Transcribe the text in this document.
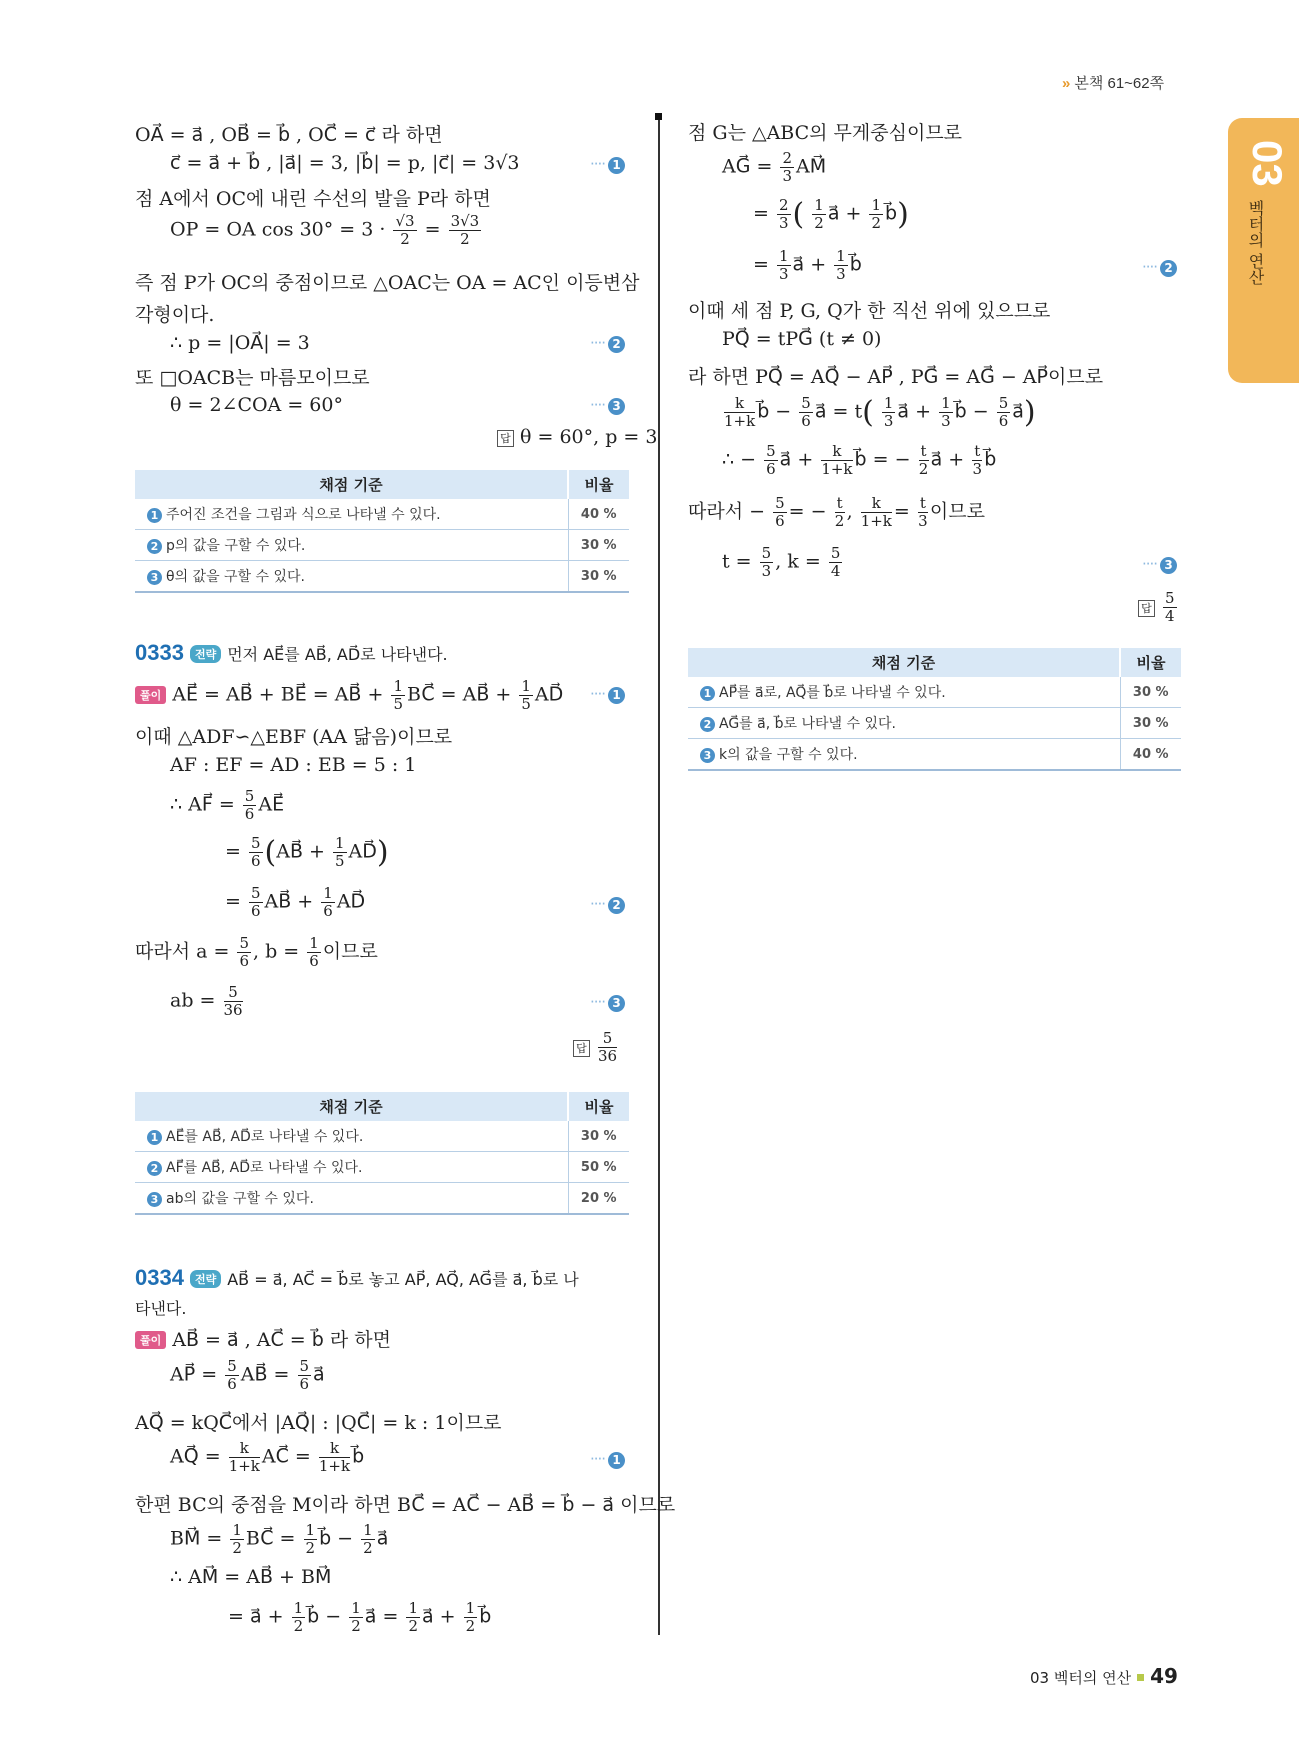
» 본책 61~62쪽
03
벡터의 연산
OA⃗ = a⃗ , OB⃗ = b⃗ , OC⃗ = c⃗ 라 하면
c⃗ = a⃗ + b⃗ , |a⃗| = 3, |b⃗| = p, |c⃗| = 3√3	···· 1
점 A에서 OC에 내린 수선의 발을 P라 하면
OP = OA $\cos 30^\circ = 3 \cdot \frac{√3}{2} = \frac{3√3}{2}$
즉 점 P가 OC의 중점이므로 △OAC는 OA = AC인 이등변삼
각형이다.
∴ p = |OA⃗| = 3	···· 2
또 □OACB는 마름모이므로
θ = 2∠COA = 60°	···· 3
답 θ = 60°, p = 3
채점 기준	비율
1 주어진 조건을 그림과 식으로 나타낼 수 있다.	40 %
2 p의 값을 구할 수 있다.	30 %
3 θ의 값을 구할 수 있다.	30 %
0333 전략 먼저 AE⃗를 AB⃗, AD⃗로 나타낸다.
풀이 AE⃗ = AB⃗ + BE⃗ = AB⃗ + $\frac{1}{5}$ BC⃗ = AB⃗ + $\frac{1}{5}$ AD⃗ ···· 1
이때 △ADF∽△EBF (AA 닮음)이므로
AF : EF = AD : EB = 5 : 1
∴ AF⃗ = $\frac{5}{6}$ AE⃗
= $\frac{5}{6}$ (AB⃗ + $\frac{1}{5}$ AD⃗)
= $\frac{5}{6}$ AB⃗ + $\frac{1}{6}$ AD⃗	···· 2
따라서 $a = \frac{5}{6}$ , $b = \frac{1}{6}$ 이므로
ab = $\frac{5}{36}$	···· 3
답 $\frac{5}{36}$
채점 기준	비율
1 AE⃗를 AB⃗, AD⃗로 나타낼 수 있다.	30 %
2 AF⃗를 AB⃗, AD⃗로 나타낼 수 있다.	50 %
3 ab의 값을 구할 수 있다.	20 %
0334 전략 AB⃗ = a⃗, AC⃗ = b⃗로 놓고 AP⃗, AQ⃗, AG⃗를 a⃗, b⃗로 나
타낸다.
풀이 AB⃗ = a⃗ , AC⃗ = b⃗ 라 하면
AP⃗ = $\frac{5}{6}$ AB⃗ = $\frac{5}{6}$ a⃗
AQ⃗ = kQC⃗에서 |AQ⃗| : |QC⃗| = k : 1이므로
AQ⃗ = $\frac{k}{1+k}$ AC⃗ = $\frac{k}{1+k}$ b⃗	···· 1
한편 BC의 중점을 M이라 하면 BC⃗ = AC⃗ − AB⃗ = b⃗ − a⃗ 이므로
BM⃗ = $\frac{1}{2}$ BC⃗ = $\frac{1}{2}$ b⃗ − $\frac{1}{2}$ a⃗
∴ AM⃗ = AB⃗ + BM⃗
= a⃗ + $\frac{1}{2}$ b⃗ − $\frac{1}{2}$ a⃗ = $\frac{1}{2}$ a⃗ + $\frac{1}{2}$ b⃗
점 G는 △ABC의 무게중심이므로
AG⃗ = $\frac{2}{3}$ AM⃗
= $\frac{2}{3}$ ( $\frac{1}{2}$ a⃗ + $\frac{1}{2}$ b⃗)
= $\frac{1}{3}$ a⃗ + $\frac{1}{3}$ b⃗	···· 2
이때 세 점 P, G, Q가 한 직선 위에 있으므로
PQ⃗ = tPG⃗ (t ≠ 0)
라 하면 PQ⃗ = AQ⃗ − AP⃗ , PG⃗ = AG⃗ − AP⃗이므로
$\frac{k}{1+k}$ b⃗ − $\frac{5}{6}$ a⃗ = $t( \frac{1}{3}$ a⃗ + $\frac{1}{3}$ b⃗ − $\frac{5}{6}$ a⃗)
∴ − $\frac{5}{6}$ a⃗ + $\frac{k}{1+k}$ b⃗ = − $\frac{t}{2}$ a⃗ + $\frac{t}{3}$ b⃗
따라서 − $\frac{5}{6}$ = − $\frac{t}{2}$ , $\frac{k}{1+k} = \frac{t}{3}$ 이므로
$t = \frac{5}{3}$ , $k = \frac{5}{4}$	···· 3
답 $\frac{5}{4}$
채점 기준	비율
1 AP⃗를 a⃗로, AQ⃗를 b⃗로 나타낼 수 있다.	30 %
2 AG⃗를 a⃗, b⃗로 나타낼 수 있다.	30 %
3 k의 값을 구할 수 있다.	40 %
03 벡터의 연산 49
